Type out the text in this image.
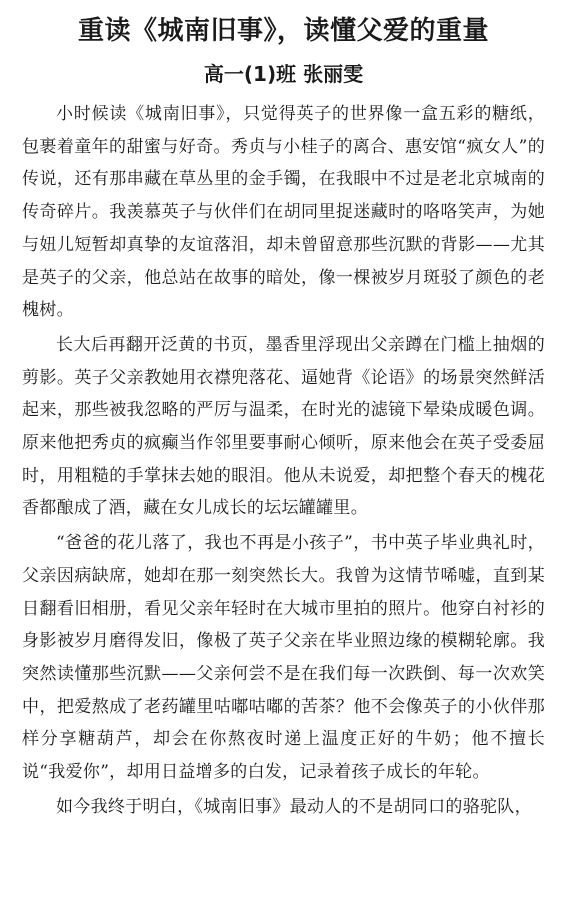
重读《城南旧事》，读懂父爱的重量
高一(1)班 张丽雯

小时候读《城南旧事》，只觉得英子的世界像一盒五彩的糖纸，包裹着童年的甜蜜与好奇。秀贞与小桂子的离合、惠安馆“疯女人”的传说，还有那串藏在草丛里的金手镯，在我眼中不过是老北京城南的传奇碎片。我羡慕英子与伙伴们在胡同里捉迷藏时的咯咯笑声，为她与妞儿短暂却真挚的友谊落泪，却未曾留意那些沉默的背影——尤其是英子的父亲，他总站在故事的暗处，像一棵被岁月斑驳了颜色的老槐树。

长大后再翻开泛黄的书页，墨香里浮现出父亲蹲在门槛上抽烟的剪影。英子父亲教她用衣襟兜落花、逼她背《论语》的场景突然鲜活起来，那些被我忽略的严厉与温柔，在时光的滤镜下晕染成暖色调。原来他把秀贞的疯癫当作邻里要事耐心倾听，原来他会在英子受委屈时，用粗糙的手掌抹去她的眼泪。他从未说爱，却把整个春天的槐花香都酿成了酒，藏在女儿成长的坛坛罐罐里。

“爸爸的花儿落了，我也不再是小孩子”，书中英子毕业典礼时，父亲因病缺席，她却在那一刻突然长大。我曾为这情节唏嘘，直到某日翻看旧相册，看见父亲年轻时在大城市里拍的照片。他穿白衬衫的身影被岁月磨得发旧，像极了英子父亲在毕业照边缘的模糊轮廓。我突然读懂那些沉默——父亲何尝不是在我们每一次跌倒、每一次欢笑中，把爱熬成了老药罐里咕嘟咕嘟的苦茶？他不会像英子的小伙伴那样分享糖葫芦，却会在你熬夜时递上温度正好的牛奶；他不擅长说“我爱你”，却用日益增多的白发，记录着孩子成长的年轮。

如今我终于明白，《城南旧事》最动人的不是胡同口的骆驼队，
